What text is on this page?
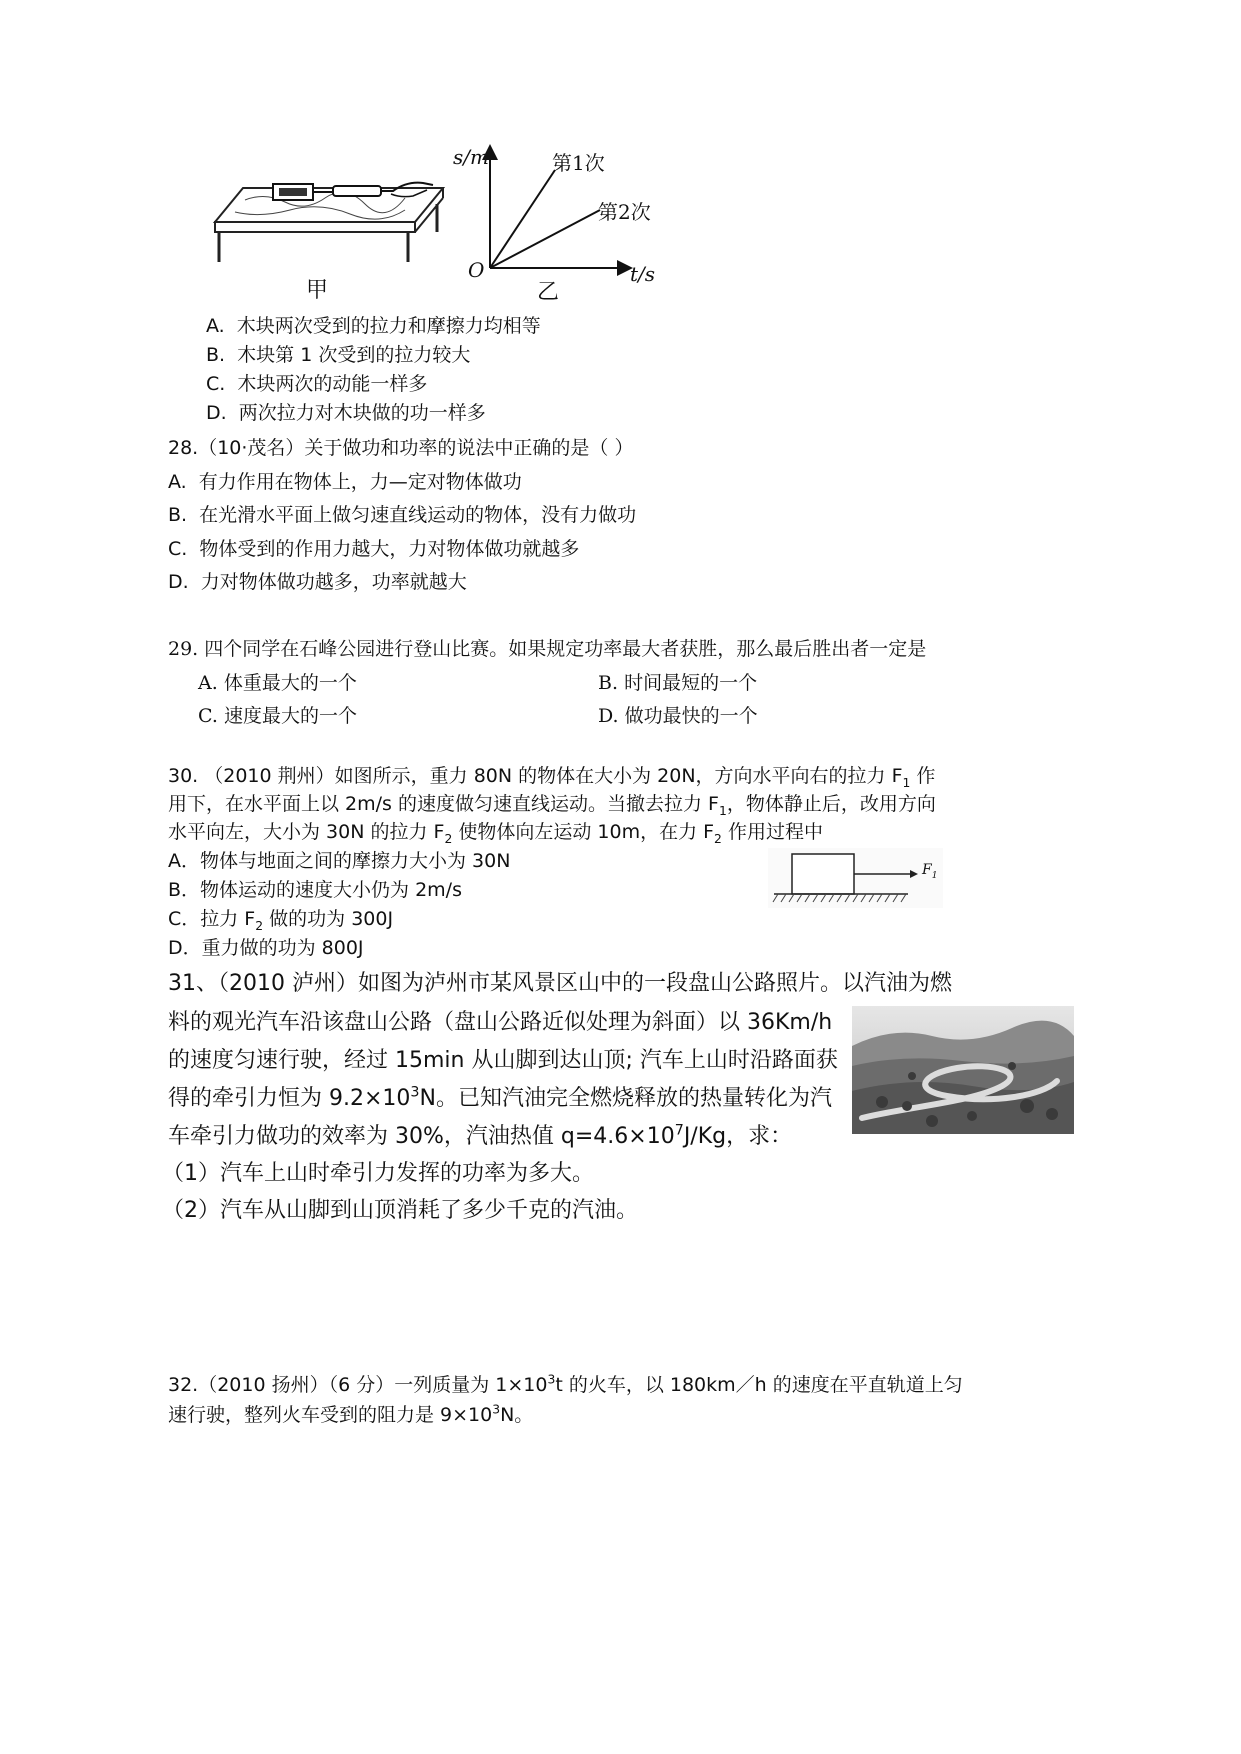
甲
s/m
t/s
O
第1次
第2次
乙
A. 木块两次受到的拉力和摩擦力均相等
B. 木块第 1 次受到的拉力较大
C. 木块两次的动能一样多
D. 两次拉力对木块做的功一样多
28.（10·茂名）关于做功和功率的说法中正确的是（ ）
A. 有力作用在物体上，力—定对物体做功
B. 在光滑水平面上做匀速直线运动的物体，没有力做功
C. 物体受到的作用力越大，力对物体做功就越多
D. 力对物体做功越多，功率就越大
29. 四个同学在石峰公园进行登山比赛。如果规定功率最大者获胜，那么最后胜出者一定是
A. 体重最大的一个	B. 时间最短的一个
C. 速度最大的一个	D. 做功最快的一个
30. （2010 荆州）如图所示，重力 80N 的物体在大小为 20N，方向水平向右的拉力 $F_1$ 作
用下，在水平面上以 2m/s 的速度做匀速直线运动。当撤去拉力 $F_1$，物体静止后，改用方向
水平向左，大小为 30N 的拉力 $F_2$ 使物体向左运动 10m，在力 $F_2$ 作用过程中
A．物体与地面之间的摩擦力大小为 30N
B．物体运动的速度大小仍为 2m/s
C．拉力 $F_2$ 做的功为 300J
D．重力做的功为 800J
$F_1$
31、（2010 泸州）如图为泸州市某风景区山中的一段盘山公路照片。以汽油为燃
料的观光汽车沿该盘山公路（盘山公路近似处理为斜面）以 36Km/h
的速度匀速行驶，经过 15min 从山脚到达山顶; 汽车上山时沿路面获
得的牵引力恒为 $9.2\times 10^3N$。已知汽油完全燃烧释放的热量转化为汽
车牵引力做功的效率为 30%，汽油热值 $q=4.6\times 10^7J/Kg$，求：
（1）汽车上山时牵引力发挥的功率为多大。
（2）汽车从山脚到山顶消耗了多少千克的汽油。
32.（2010 扬州）（6 分）一列质量为 $1\times 10^3t$ 的火车，以 180km／h 的速度在平直轨道上匀
速行驶，整列火车受到的阻力是 $9\times 10^3N$。
